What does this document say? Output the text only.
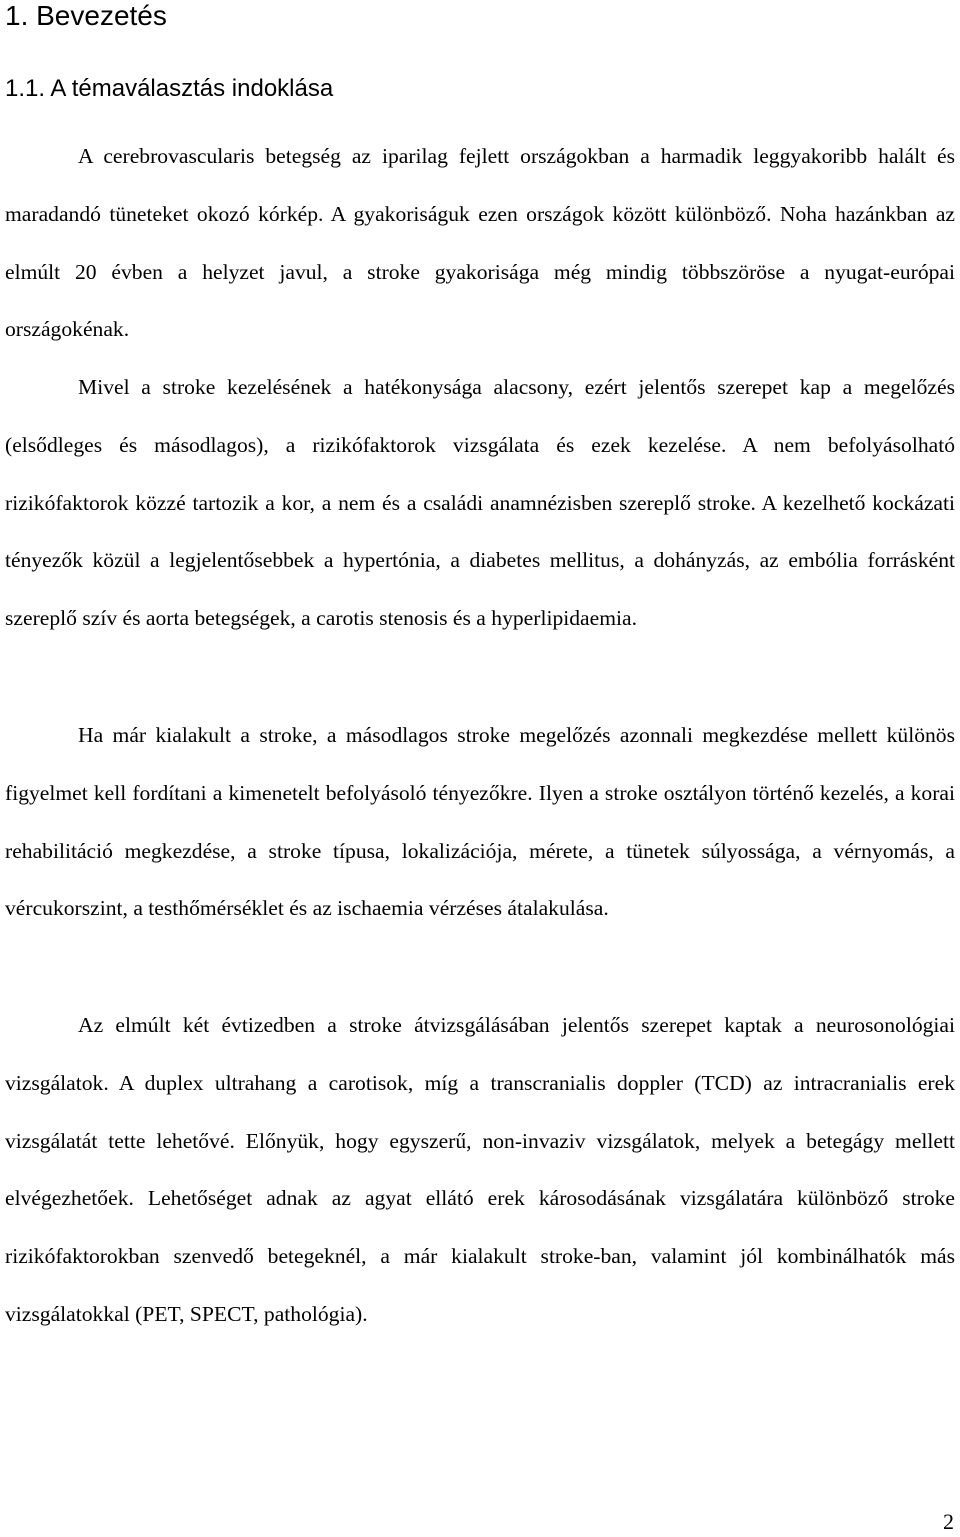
1. Bevezetés
1.1. A témaválasztás indoklása

A cerebrovascularis betegség az iparilag fejlett országokban a harmadik leggyakoribb halált és maradandó tüneteket okozó kórkép. A gyakoriságuk ezen országok között különböző. Noha hazánkban az elmúlt 20 évben a helyzet javul, a stroke gyakorisága még mindig többszöröse a nyugat-európai országokénak.

Mivel a stroke kezelésének a hatékonysága alacsony, ezért jelentős szerepet kap a megelőzés (elsődleges és másodlagos), a rizikófaktorok vizsgálata és ezek kezelése. A nem befolyásolható rizikófaktorok közzé tartozik a kor, a nem és a családi anamnézisben szereplő stroke. A kezelhető kockázati tényezők közül a legjelentősebbek a hypertónia, a diabetes mellitus, a dohányzás, az embólia forrásként szereplő szív és aorta betegségek, a carotis stenosis és a hyperlipidaemia.

Ha már kialakult a stroke, a másodlagos stroke megelőzés azonnali megkezdése mellett különös figyelmet kell fordítani a kimenetelt befolyásoló tényezőkre. Ilyen a stroke osztályon történő kezelés, a korai rehabilitáció megkezdése, a stroke típusa, lokalizációja, mérete, a tünetek súlyossága, a vérnyomás, a vércukorszint, a testhőmérséklet és az ischaemia vérzéses átalakulása.

Az elmúlt két évtizedben a stroke átvizsgálásában jelentős szerepet kaptak a neurosonológiai vizsgálatok. A duplex ultrahang a carotisok, míg a transcranialis doppler (TCD) az intracranialis erek vizsgálatát tette lehetővé. Előnyük, hogy egyszerű, non-invaziv vizsgálatok, melyek a betegágy mellett elvégezhetőek. Lehetőséget adnak az agyat ellátó erek károsodásának vizsgálatára különböző stroke rizikófaktorokban szenvedő betegeknél, a már kialakult stroke-ban, valamint jól kombinálhatók más vizsgálatokkal (PET, SPECT, pathológia).

2
